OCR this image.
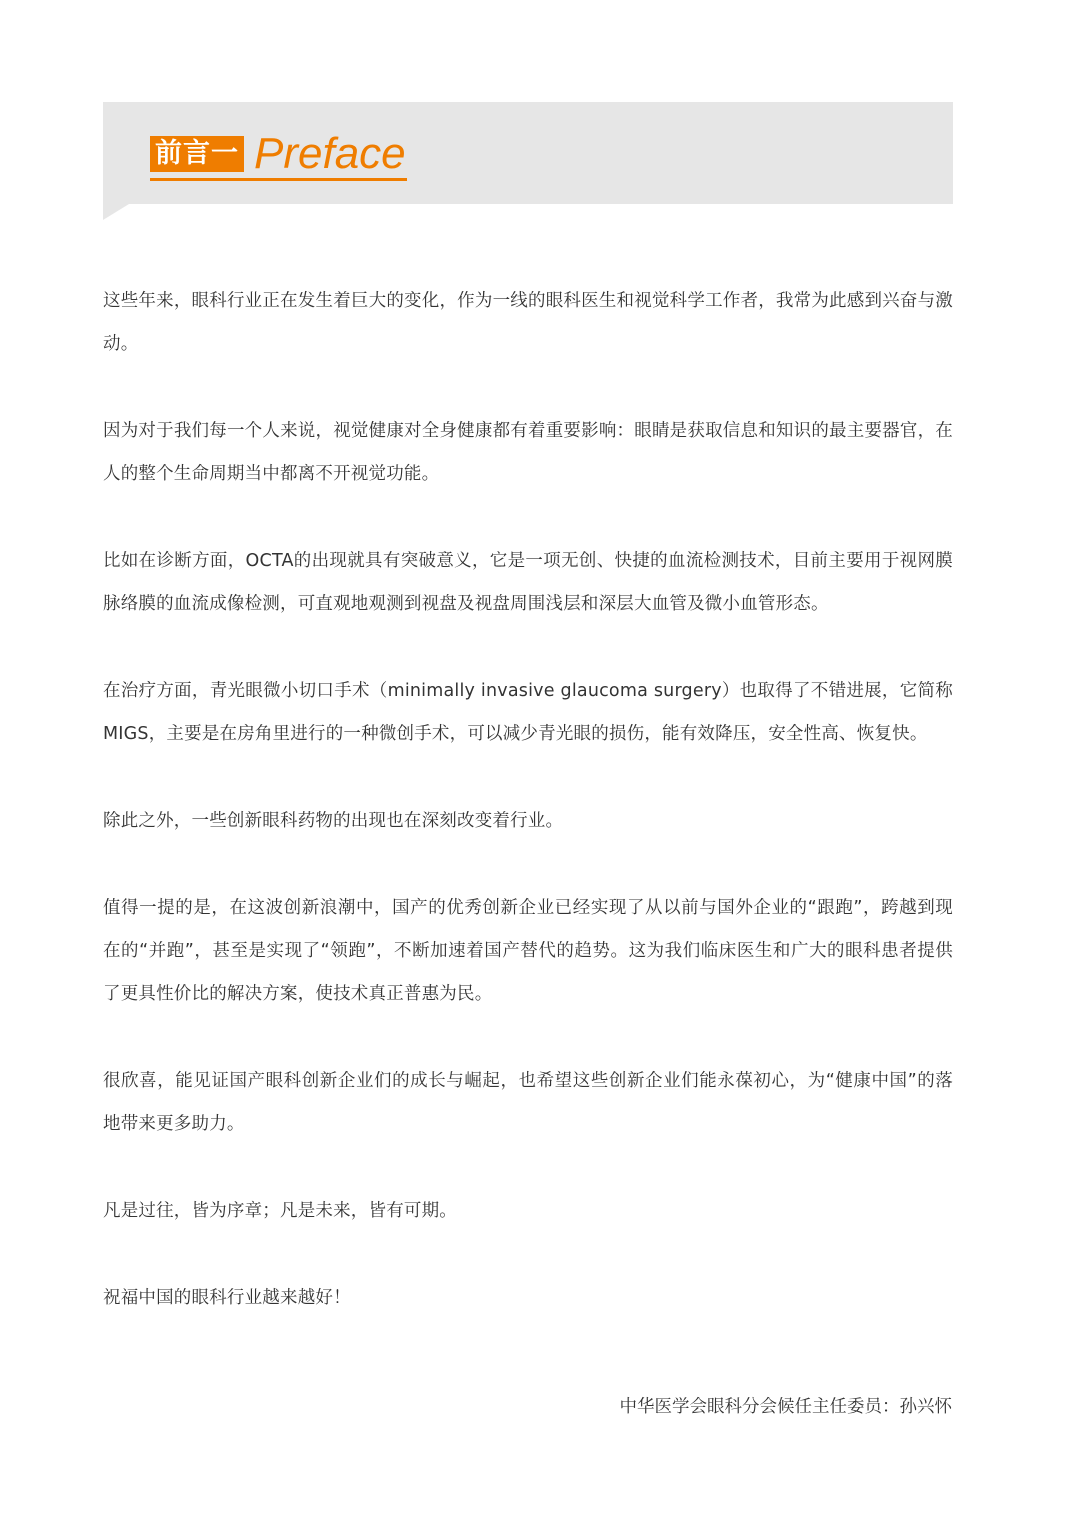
前言一 Preface

这些年来，眼科行业正在发生着巨大的变化，作为一线的眼科医生和视觉科学工作者，我常为此感到兴奋与激动。

因为对于我们每一个人来说，视觉健康对全身健康都有着重要影响：眼睛是获取信息和知识的最主要器官，在人的整个生命周期当中都离不开视觉功能。

比如在诊断方面，OCTA的出现就具有突破意义，它是一项无创、快捷的血流检测技术，目前主要用于视网膜脉络膜的血流成像检测，可直观地观测到视盘及视盘周围浅层和深层大血管及微小血管形态。

在治疗方面，青光眼微小切口手术（minimally invasive glaucoma surgery）也取得了不错进展，它简称MIGS，主要是在房角里进行的一种微创手术，可以减少青光眼的损伤，能有效降压，安全性高、恢复快。

除此之外，一些创新眼科药物的出现也在深刻改变着行业。

值得一提的是，在这波创新浪潮中，国产的优秀创新企业已经实现了从以前与国外企业的“跟跑”，跨越到现在的“并跑”，甚至是实现了“领跑”，不断加速着国产替代的趋势。这为我们临床医生和广大的眼科患者提供了更具性价比的解决方案，使技术真正普惠为民。

很欣喜，能见证国产眼科创新企业们的成长与崛起，也希望这些创新企业们能永葆初心，为“健康中国”的落地带来更多助力。

凡是过往，皆为序章；凡是未来，皆有可期。

祝福中国的眼科行业越来越好！

中华医学会眼科分会候任主任委员：孙兴怀
